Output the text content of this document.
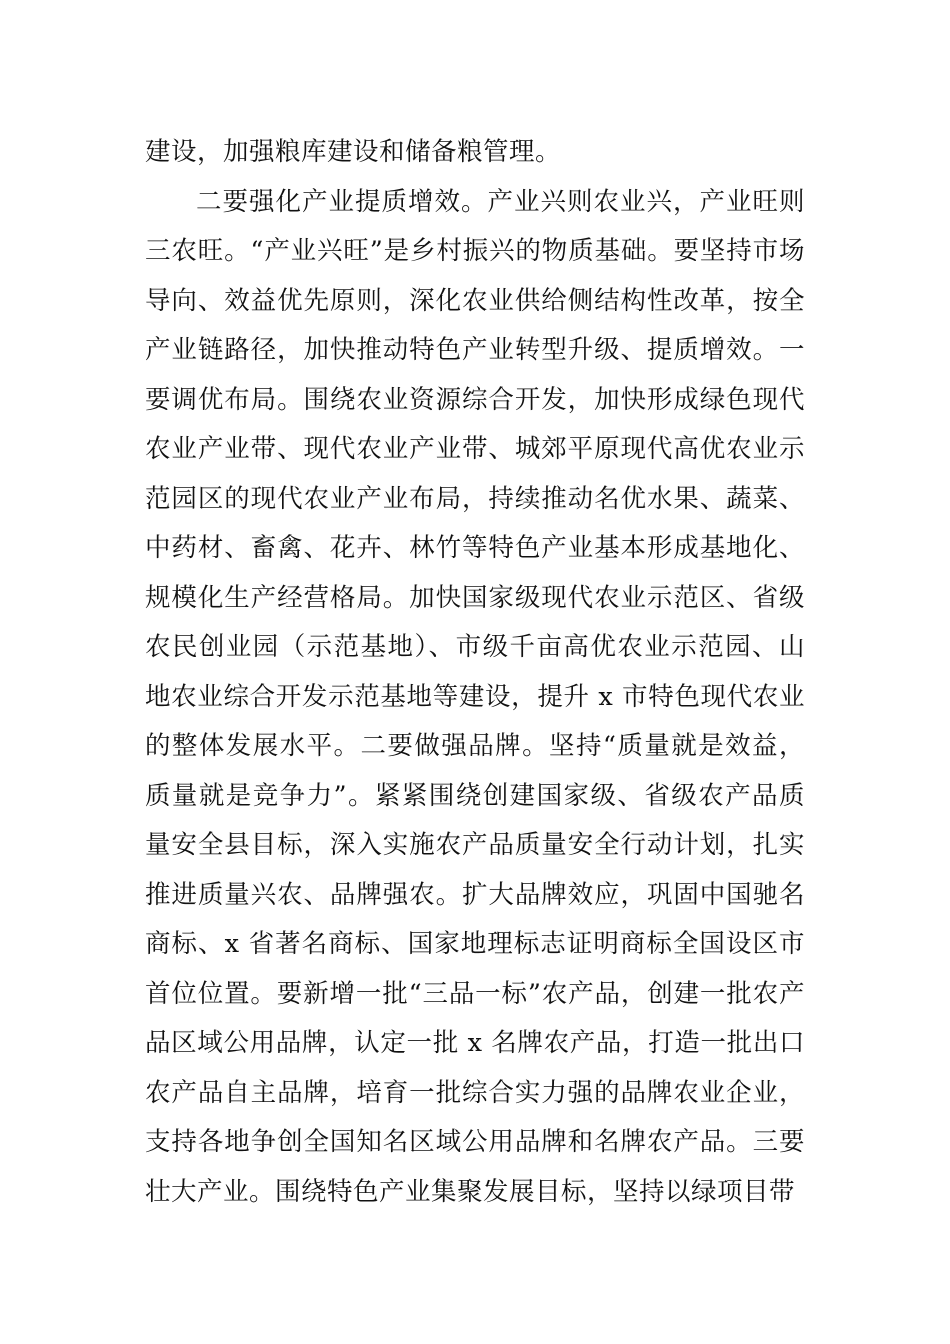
建设，加强粮库建设和储备粮管理。

二要强化产业提质增效。产业兴则农业兴，产业旺则三农旺。“产业兴旺”是乡村振兴的物质基础。要坚持市场导向、效益优先原则，深化农业供给侧结构性改革，按全产业链路径，加快推动特色产业转型升级、提质增效。一要调优布局。围绕农业资源综合开发，加快形成绿色现代农业产业带、现代农业产业带、城郊平原现代高优农业示范园区的现代农业产业布局，持续推动名优水果、蔬菜、中药材、畜禽、花卉、林竹等特色产业基本形成基地化、规模化生产经营格局。加快国家级现代农业示范区、省级农民创业园（示范基地）、市级千亩高优农业示范园、山地农业综合开发示范基地等建设，提升 x 市特色现代农业的整体发展水平。二要做强品牌。坚持“质量就是效益，质量就是竞争力”。紧紧围绕创建国家级、省级农产品质量安全县目标，深入实施农产品质量安全行动计划，扎实推进质量兴农、品牌强农。扩大品牌效应，巩固中国驰名商标、x 省著名商标、国家地理标志证明商标全国设区市首位位置。要新增一批“三品一标”农产品，创建一批农产品区域公用品牌，认定一批 x 名牌农产品，打造一批出口农产品自主品牌，培育一批综合实力强的品牌农业企业，支持各地争创全国知名区域公用品牌和名牌农产品。三要壮大产业。围绕特色产业集聚发展目标，坚持以绿项目带
